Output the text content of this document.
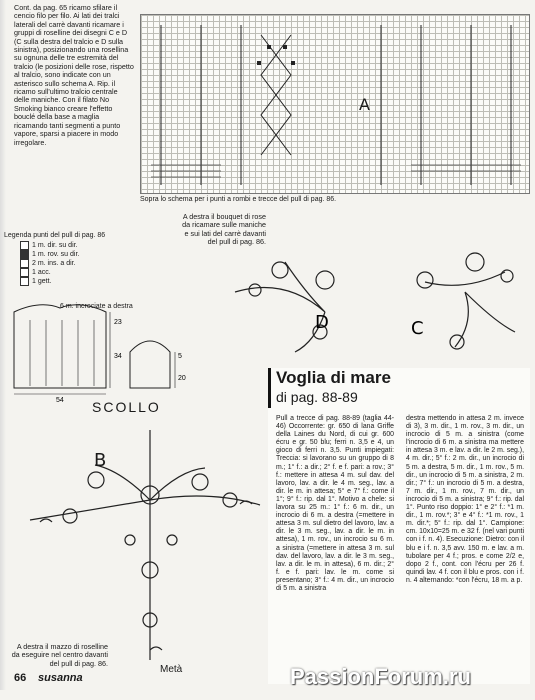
Cont. da pag. 65 ricamo sfilare il cencio filo per filo. Ai lati dei tralci laterali del carrè davanti ricamare i gruppi di roselline dei disegni C e D (C sulla destra del tralcio e D sulla sinistra), posizionando una rosellina su ognuna delle tre estremità del tralcio (le posizioni delle rose, rispetto al tralcio, sono indicate con un asterisco sullo schema A. Rip. il ricamo sull'ultimo tralcio centrale delle maniche. Con il filato No Smoking bianco creare l'effetto bouclé della base a maglia ricamando tanti segmenti a punto vapore, sparsi a piacere in modo irregolare.
A
Sopra lo schema per i punti a rombi e trecce del pull di pag. 86.
A destra il bouquet di rose da ricamare sulle maniche e sui lati del carrè davanti del pull di pag. 86.
Legenda punti del pull di pag. 86
1 m. dir. su dir.
1 m. rov. su dir.
2 m. ins. a dir.
1 acc.
1 gett.
6 m. incrociate a destra
23
34
54
5
20
B
SCOLLO
Metà
D	C
A destra il mazzo di roselline da eseguire nel centro davanti del pull di pag. 86.
66 susanna
Voglia di mare
di pag. 88-89
Pull a trecce di pag. 88-89 (taglia 44-46) Occorrente: gr. 650 di lana Griffe della Laines du Nord, di cui gr. 600 écru e gr. 50 blu; ferri n. 3,5 e 4, un gioco di ferri n. 3,5. Punti impiegati: Treccia: si lavorano su un gruppo di 8 m.; 1° f.: a dir.; 2° f. e f. pari: a rov.; 3° f.: mettere in attesa 4 m. sul dav. del lavoro, lav. a dir. le 4 m. seg., lav. a dir. le m. in attesa; 5° e 7° f.: come il 1°; 9° f.: rip. dal 1°. Motivo a chele: si lavora su 25 m.: 1° f.: 6 m. dir., un incrocio di 6 m. a destra (=mettere in attesa 3 m. sul dietro del lavoro, lav. a dir. le 3 m. seg., lav. a dir. le m. in attesa), 1 m. rov., un incrocio su 6 m. a sinistra (=mettere in attesa 3 m. sul dav. del lavoro, lav. a dir. le 3 m. seg., lav. a dir. le m. in attesa), 6 m. dir.; 2° f. e f. pari: lav. le m. come si presentano; 3° f.: 4 m. dir., un incrocio di 5 m. a sinistra
destra mettendo in attesa 2 m. invece di 3), 3 m. dir., 1 m. rov., 3 m. dir., un incrocio di 5 m. a sinistra (come l'incrocio di 6 m. a sinistra ma mettere in attesa 3 m. e lav. a dir. le 2 m. seg.), 4 m. dir.; 5° f.: 2 m. dir., un incrocio di 5 m. a destra, 5 m. dir., 1 m. rov., 5 m. dir., un incrocio di 5 m. a sinistra, 2 m. dir.; 7° f.: un incrocio di 5 m. a destra, 7 m. dir., 1 m. rov., 7 m. dir., un incrocio di 5 m. a sinistra; 9° f.: rip. dal 1°. Punto riso doppio: 1° e 2° f.: *1 m. dir., 1 m. rov.*; 3° e 4° f.: *1 m. rov., 1 m. dir.*; 5° f.: rip. dal 1°. Campione: cm. 10x10=25 m. e 32 f. (nel vari punti con i f. n. 4). Esecuzione: Dietro: con il blu e i f. n. 3,5 avv. 150 m. e lav. a m. tubolare per 4 f.; pros. e come 2/2 e, dopo 2 f., cont. con l'écru per 26 f. quindi lav. 4 f. con il blu e pros. con i f. n. 4 alternando: *con l'écru, 18 m. a p.
PassionForum.ru
